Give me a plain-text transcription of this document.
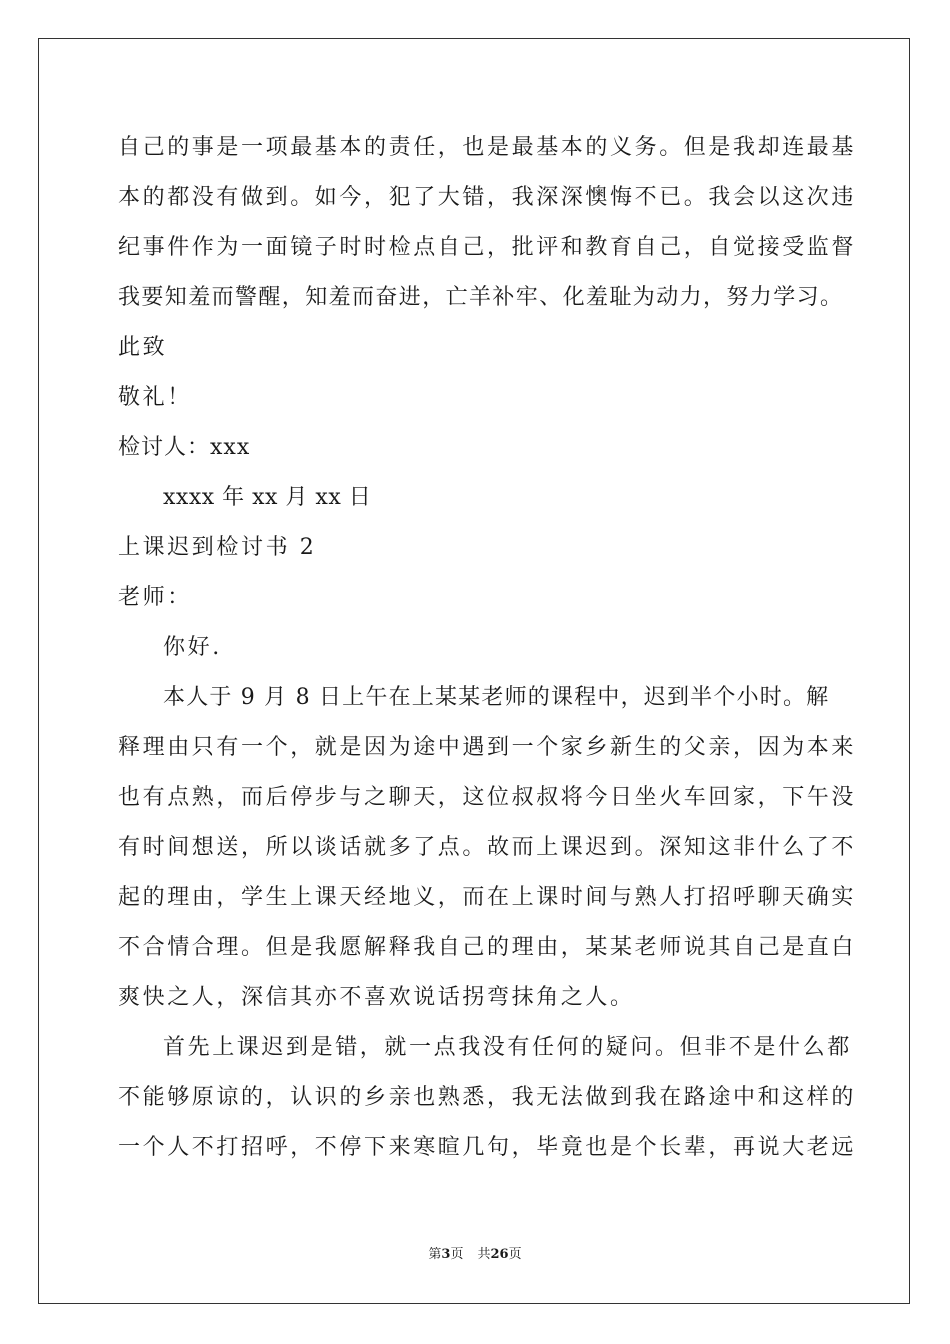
自己的事是一项最基本的责任，也是最基本的义务。但是我却连最基
本的都没有做到。如今，犯了大错，我深深懊悔不已。我会以这次违
纪事件作为一面镜子时时检点自己，批评和教育自己，自觉接受监督
我要知羞而警醒，知羞而奋进，亡羊补牢、化羞耻为动力，努力学习。
此致
敬礼！
检讨人：xxx
xxxx 年 xx 月 xx 日
上课迟到检讨书 2
老师：
你好.
本人于 9 月 8 日上午在上某某老师的课程中，迟到半个小时。解
释理由只有一个，就是因为途中遇到一个家乡新生的父亲，因为本来
也有点熟，而后停步与之聊天，这位叔叔将今日坐火车回家，下午没
有时间想送，所以谈话就多了点。故而上课迟到。深知这非什么了不
起的理由，学生上课天经地义，而在上课时间与熟人打招呼聊天确实
不合情合理。但是我愿解释我自己的理由，某某老师说其自己是直白
爽快之人，深信其亦不喜欢说话拐弯抹角之人。
首先上课迟到是错，就一点我没有任何的疑问。但非不是什么都
不能够原谅的，认识的乡亲也熟悉，我无法做到我在路途中和这样的
一个人不打招呼，不停下来寒暄几句，毕竟也是个长辈，再说大老远
第3页 共26页
